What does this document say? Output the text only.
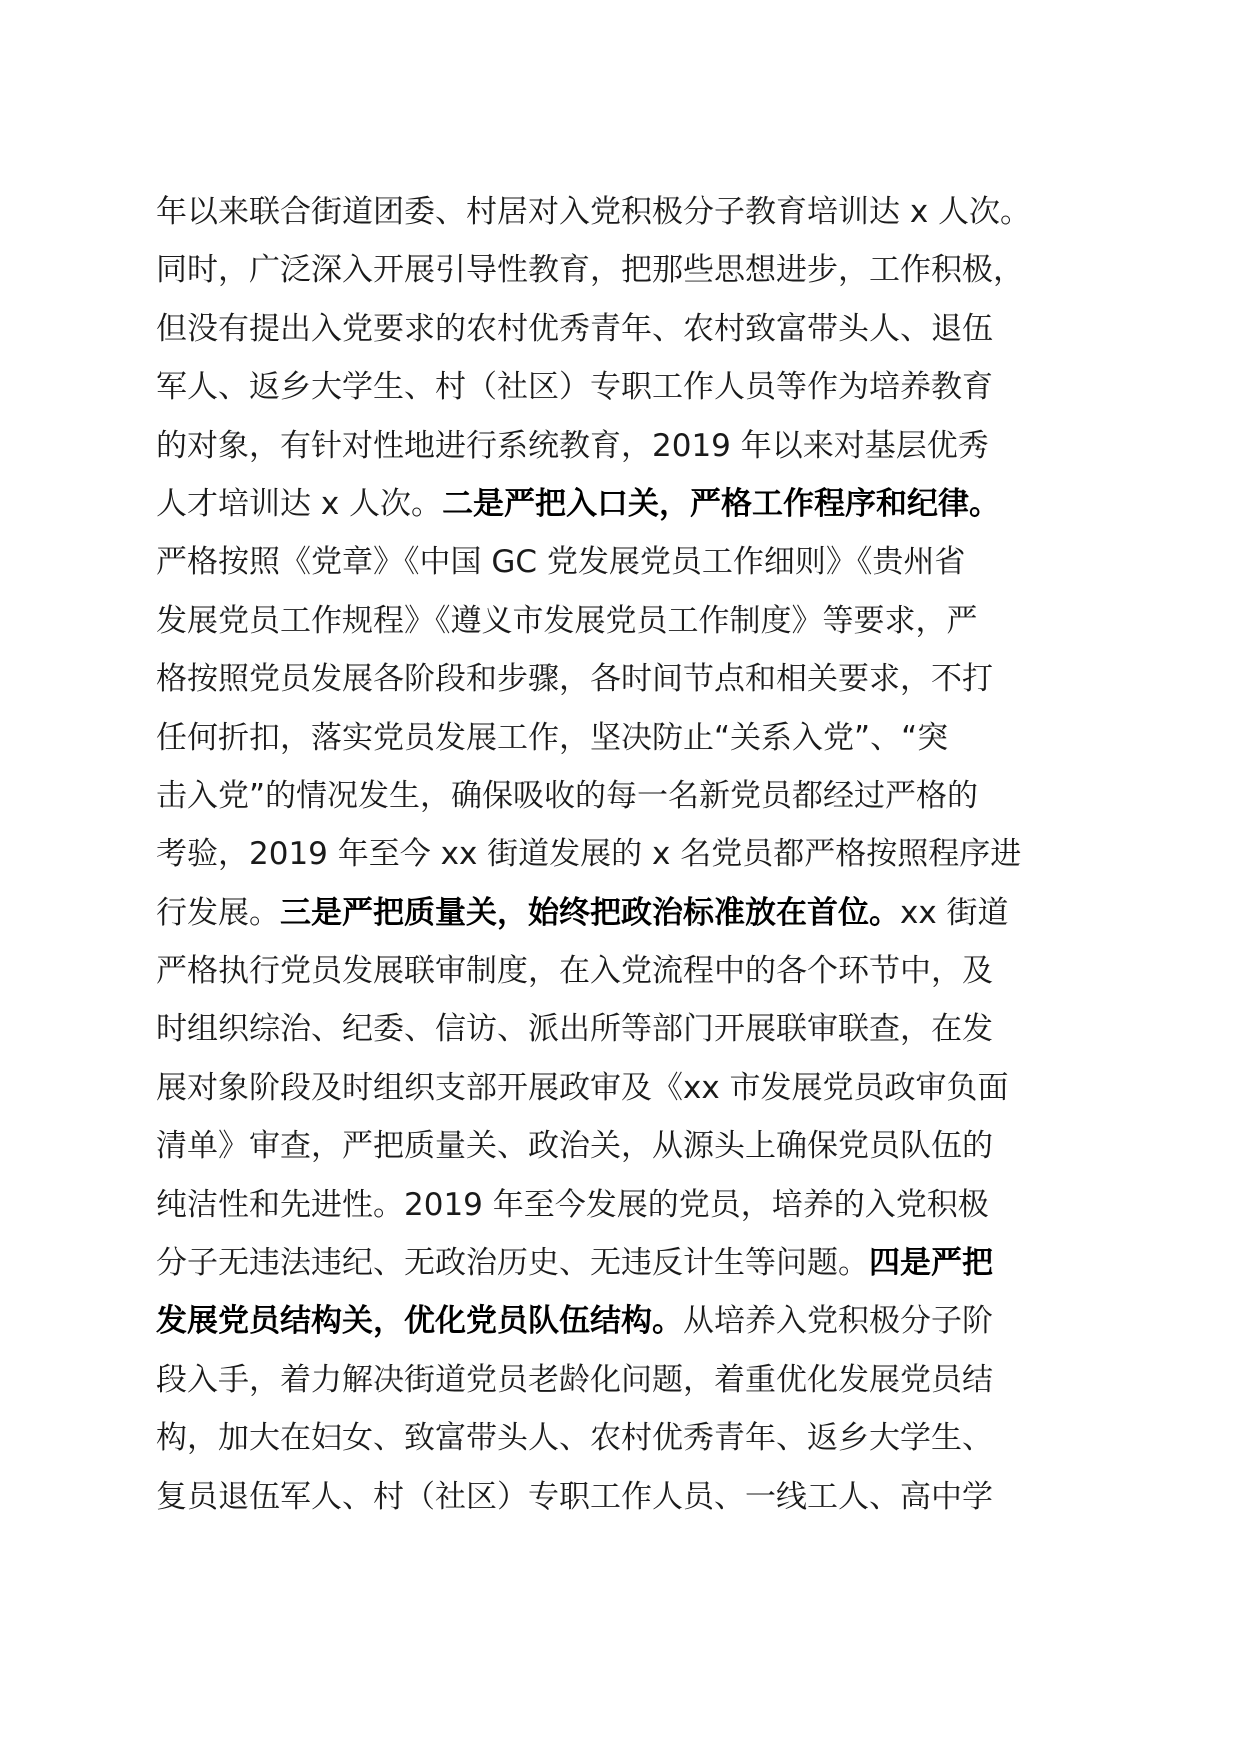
年以来联合街道团委、村居对入党积极分子教育培训达 x 人次。
同时，广泛深入开展引导性教育，把那些思想进步，工作积极，
但没有提出入党要求的农村优秀青年、农村致富带头人、退伍
军人、返乡大学生、村（社区）专职工作人员等作为培养教育
的对象，有针对性地进行系统教育，2019 年以来对基层优秀
人才培训达 x 人次。二是严把入口关，严格工作程序和纪律。
严格按照《党章》《中国 GC 党发展党员工作细则》《贵州省
发展党员工作规程》《遵义市发展党员工作制度》等要求，严
格按照党员发展各阶段和步骤，各时间节点和相关要求，不打
任何折扣，落实党员发展工作，坚决防止“关系入党”、“突
击入党”的情况发生，确保吸收的每一名新党员都经过严格的
考验，2019 年至今 xx 街道发展的 x 名党员都严格按照程序进
行发展。三是严把质量关，始终把政治标准放在首位。xx 街道
严格执行党员发展联审制度，在入党流程中的各个环节中，及
时组织综治、纪委、信访、派出所等部门开展联审联查，在发
展对象阶段及时组织支部开展政审及《xx 市发展党员政审负面
清单》审查，严把质量关、政治关，从源头上确保党员队伍的
纯洁性和先进性。2019 年至今发展的党员，培养的入党积极
分子无违法违纪、无政治历史、无违反计生等问题。四是严把
发展党员结构关，优化党员队伍结构。从培养入党积极分子阶
段入手，着力解决街道党员老龄化问题，着重优化发展党员结
构，加大在妇女、致富带头人、农村优秀青年、返乡大学生、
复员退伍军人、村（社区）专职工作人员、一线工人、高中学
